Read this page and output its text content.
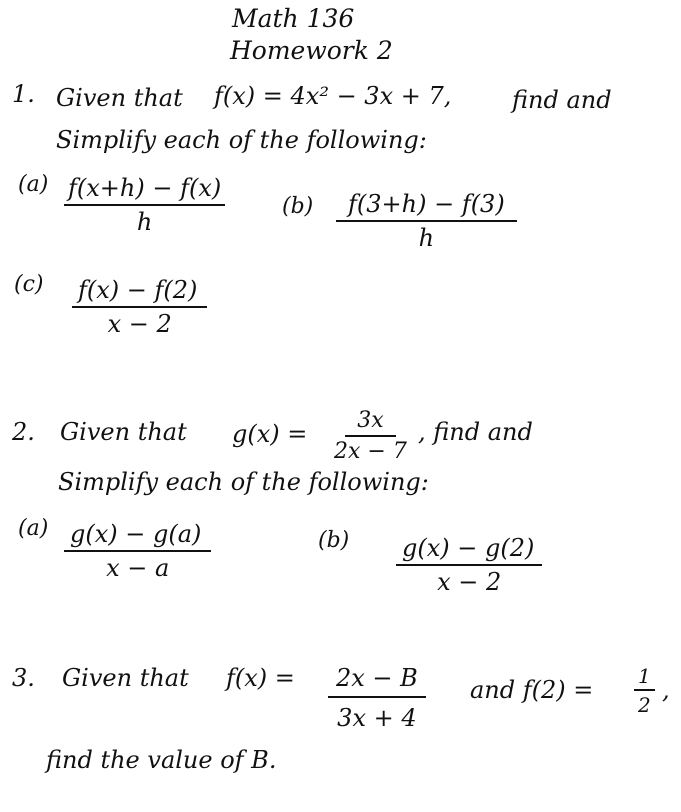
Math 136
Homework 2
1. Given that f(x) = 4x² − 3x + 7,	find and
Simplify each of the following:
$(a) \frac{f(x+h) - f(x)}{h}$	$(b) \frac{f(3+h) - f(3)}{h}$
$(c) \frac{f(x) - f(2)}{x - 2}$
2. Given that $g(x) = \frac{3x}{2x - 7}$ , find and
Simplify each of the following:
$(a) \frac{g(x) - g(a)}{x - a}$	$(b) \frac{g(x) - g(2)}{x - 2}$
3. Given that $f(x) = \frac{2x - B}{3x + 4}$ and $f(2) = \frac{1}{2}$ ,
find the value of B.
